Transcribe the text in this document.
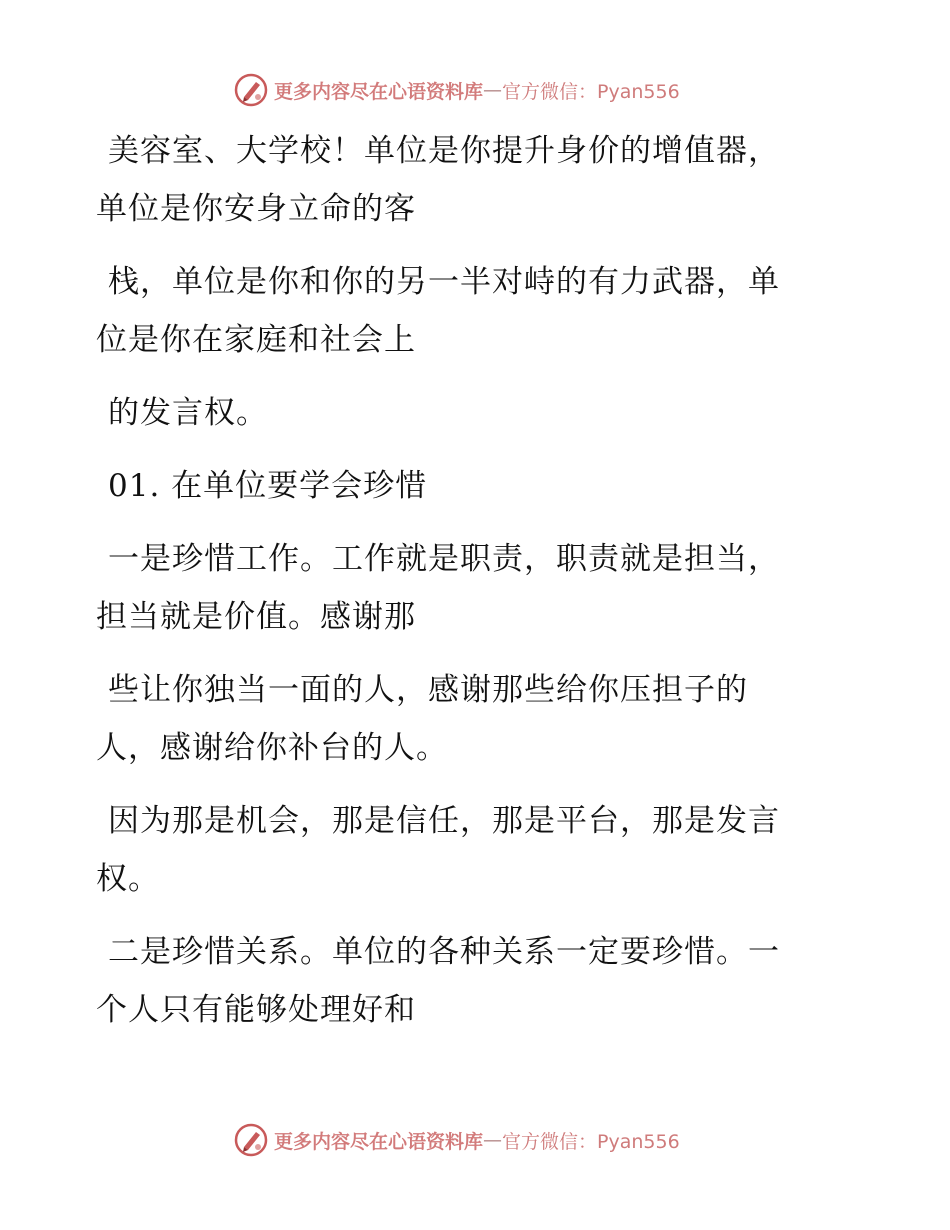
更多内容尽在心语资料库 — 官方微信：Pyan556
美容室、大学校！单位是你提升身价的增值器，
单位是你安身立命的客
栈，单位是你和你的另一半对峙的有力武器，单
位是你在家庭和社会上
的发言权。
01. 在单位要学会珍惜
一是珍惜工作。工作就是职责，职责就是担当，
担当就是价值。感谢那
些让你独当一面的人，感谢那些给你压担子的
人，感谢给你补台的人。
因为那是机会，那是信任，那是平台，那是发言
权。
二是珍惜关系。单位的各种关系一定要珍惜。一
个人只有能够处理好和
更多内容尽在心语资料库 — 官方微信：Pyan556
